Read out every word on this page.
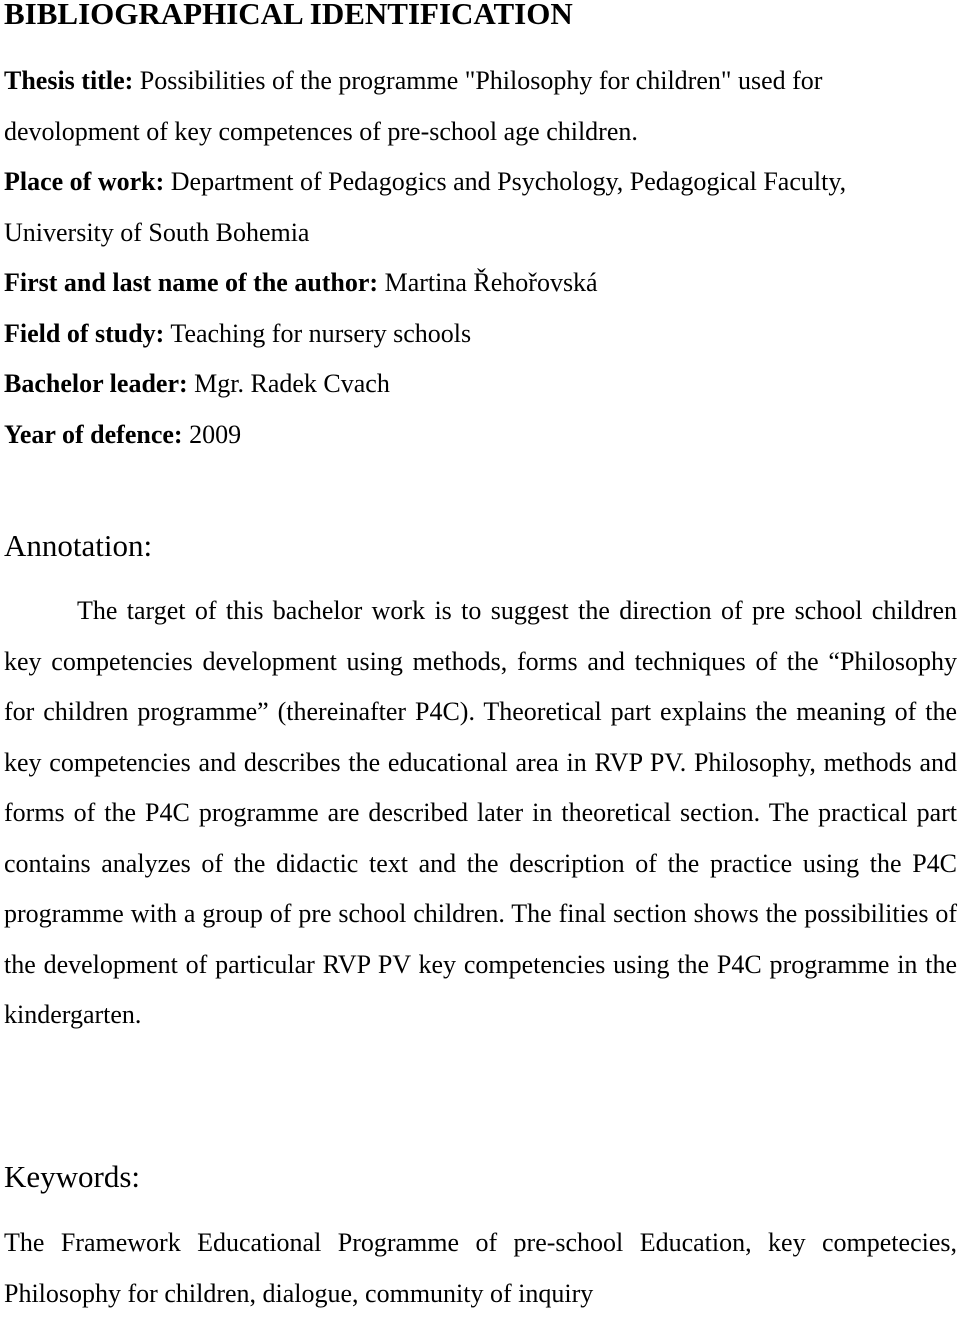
BIBLIOGRAPHICAL IDENTIFICATION

Thesis title: Possibilities of the programme "Philosophy for children" used for devolopment of key competences of pre-school age children.

Place of work: Department of Pedagogics and Psychology, Pedagogical Faculty, University of South Bohemia

First and last name of the author: Martina Řehořovská

Field of study: Teaching for nursery schools

Bachelor leader: Mgr. Radek Cvach

Year of defence: 2009

Annotation:

The target of this bachelor work is to suggest the direction of pre school children key competencies development using methods, forms and techniques of the “Philosophy for children programme” (thereinafter P4C). Theoretical part explains the meaning of the key competencies and describes the educational area in RVP PV. Philosophy, methods and forms of the P4C programme are described later in theoretical section. The practical part contains analyzes of the didactic text and the description of the practice using the P4C programme with a group of pre school children. The final section shows the possibilities of the development of particular RVP PV key competencies using the P4C programme in the kindergarten.

Keywords:

The Framework Educational Programme of pre-school Education, key competecies, Philosophy for children, dialogue, community of inquiry
